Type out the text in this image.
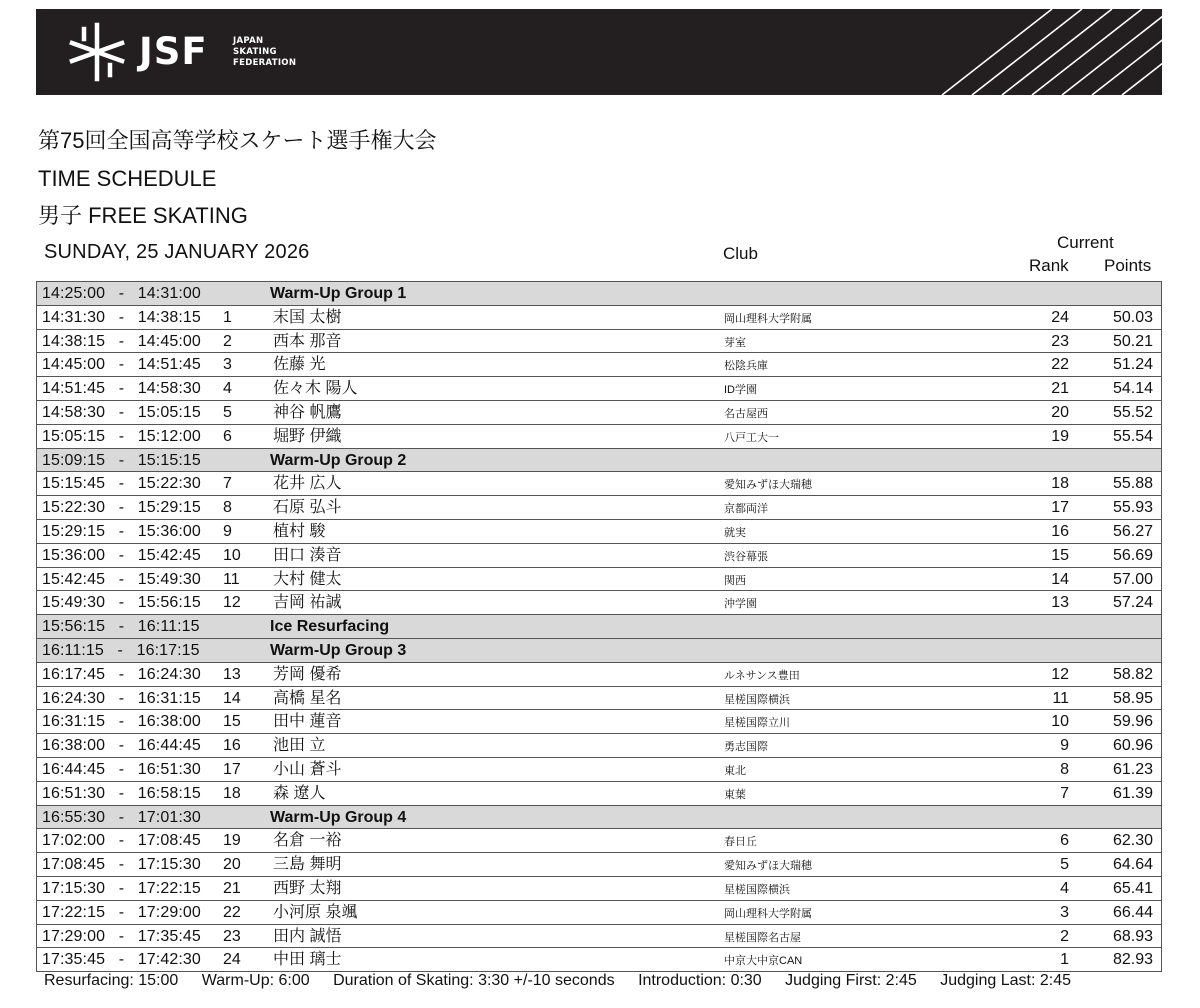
JSF	JAPAN
SKATING
FEDERATION
第75回全国高等学校スケート選手権大会
TIME SCHEDULE
男子 FREE SKATING
SUNDAY, 25 JANUARY 2026	Club
Current
Rank Points
14:25:00   -   14:31:00	Warm-Up Group 1
14:31:30   -   14:38:15 1	末国 太樹	岡山理科大学附属	24	50.03
14:38:15   -   14:45:00 2	西本 那音	芽室	23	50.21
14:45:00   -   14:51:45 3	佐藤 光	松陰兵庫	22	51.24
14:51:45   -   14:58:30 4	佐々木 陽人	ID学園	21	54.14
14:58:30   -   15:05:15 5	神谷 帆鷹	名古屋西	20	55.52
15:05:15   -   15:12:00 6	堀野 伊織	八戸工大一	19	55.54
15:09:15   -   15:15:15	Warm-Up Group 2
15:15:45   -   15:22:30 7	花井 広人	愛知みずほ大瑞穂	18	55.88
15:22:30   -   15:29:15 8	石原 弘斗	京都両洋	17	55.93
15:29:15   -   15:36:00 9	植村 駿	就実	16	56.27
15:36:00   -   15:42:45 10 田口 湊音	渋谷幕張	15	56.69
15:42:45   -   15:49:30 11 大村 健太	関西	14	57.00
15:49:30   -   15:56:15 12 吉岡 祐誠	沖学園	13	57.24
15:56:15   -   16:11:15	Ice Resurfacing
16:11:15   -   16:17:15	Warm-Up Group 3
16:17:45   -   16:24:30 13 芳岡 優希	ルネサンス豊田	12	58.82
16:24:30   -   16:31:15 14 高橋 星名	星槎国際横浜	11	58.95
16:31:15   -   16:38:00 15 田中 蓮音	星槎国際立川	10	59.96
16:38:00   -   16:44:45 16 池田 立	勇志国際	9	60.96
16:44:45   -   16:51:30 17 小山 蒼斗	東北	8	61.23
16:51:30   -   16:58:15 18 森 遼人	東葉	7	61.39
16:55:30   -   17:01:30	Warm-Up Group 4
17:02:00   -   17:08:45 19 名倉 一裕	春日丘	6	62.30
17:08:45   -   17:15:30 20 三島 舞明	愛知みずほ大瑞穂	5	64.64
17:15:30   -   17:22:15 21 西野 太翔	星槎国際横浜	4	65.41
17:22:15   -   17:29:00 22 小河原 泉颯	岡山理科大学附属	3	66.44
17:29:00   -   17:35:45 23 田内 誠悟	星槎国際名古屋	2	68.93
17:35:45   -   17:42:30 24 中田 璃士	中京大中京CAN	1	82.93
Resurfacing: 15:00 Warm-Up: 6:00 Duration of Skating: 3:30 +/-10 seconds Introduction: 0:30 Judging First: 2:45 Judging Last: 2:45
